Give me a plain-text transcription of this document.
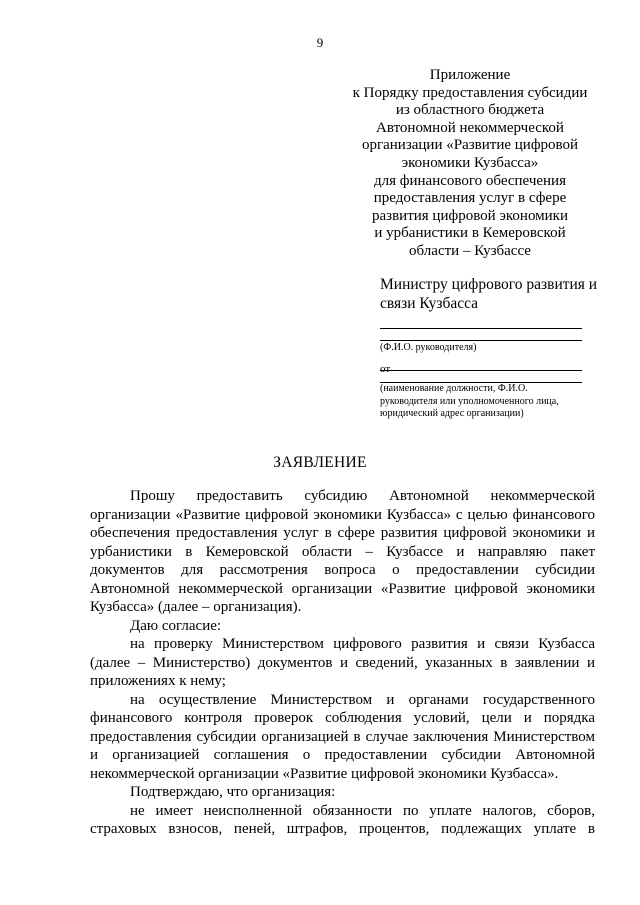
9
Приложение
к Порядку предоставления субсидии
из областного бюджета
Автономной некоммерческой
организации «Развитие цифровой
экономики Кузбасса»
для финансового обеспечения
предоставления услуг в сфере
развития цифровой экономики
и урбанистики в Кемеровской
области – Кузбассе
Министру цифрового развития и
связи Кузбасса
(Ф.И.О. руководителя)
от
(наименование должности, Ф.И.О.
руководителя или уполномоченного лица,
юридический адрес организации)
ЗАЯВЛЕНИЕ

Прошу предоставить субсидию Автономной некоммерческой организации «Развитие цифровой экономики Кузбасса» с целью финансового обеспечения предоставления услуг в сфере развития цифровой экономики и урбанистики в Кемеровской области – Кузбассе и направляю пакет документов для рассмотрения вопроса о предоставлении субсидии Автономной некоммерческой организации «Развитие цифровой экономики Кузбасса» (далее – организация).

Даю согласие:

на проверку Министерством цифрового развития и связи Кузбасса (далее – Министерство) документов и сведений, указанных в заявлении и приложениях к нему;

на осуществление Министерством и органами государственного финансового контроля проверок соблюдения условий, цели и порядка предоставления субсидии организацией в случае заключения Министерством и организацией соглашения о предоставлении субсидии Автономной некоммерческой организации «Развитие цифровой экономики Кузбасса».

Подтверждаю, что организация:

не имеет неисполненной обязанности по уплате налогов, сборов, страховых взносов, пеней, штрафов, процентов, подлежащих уплате в
